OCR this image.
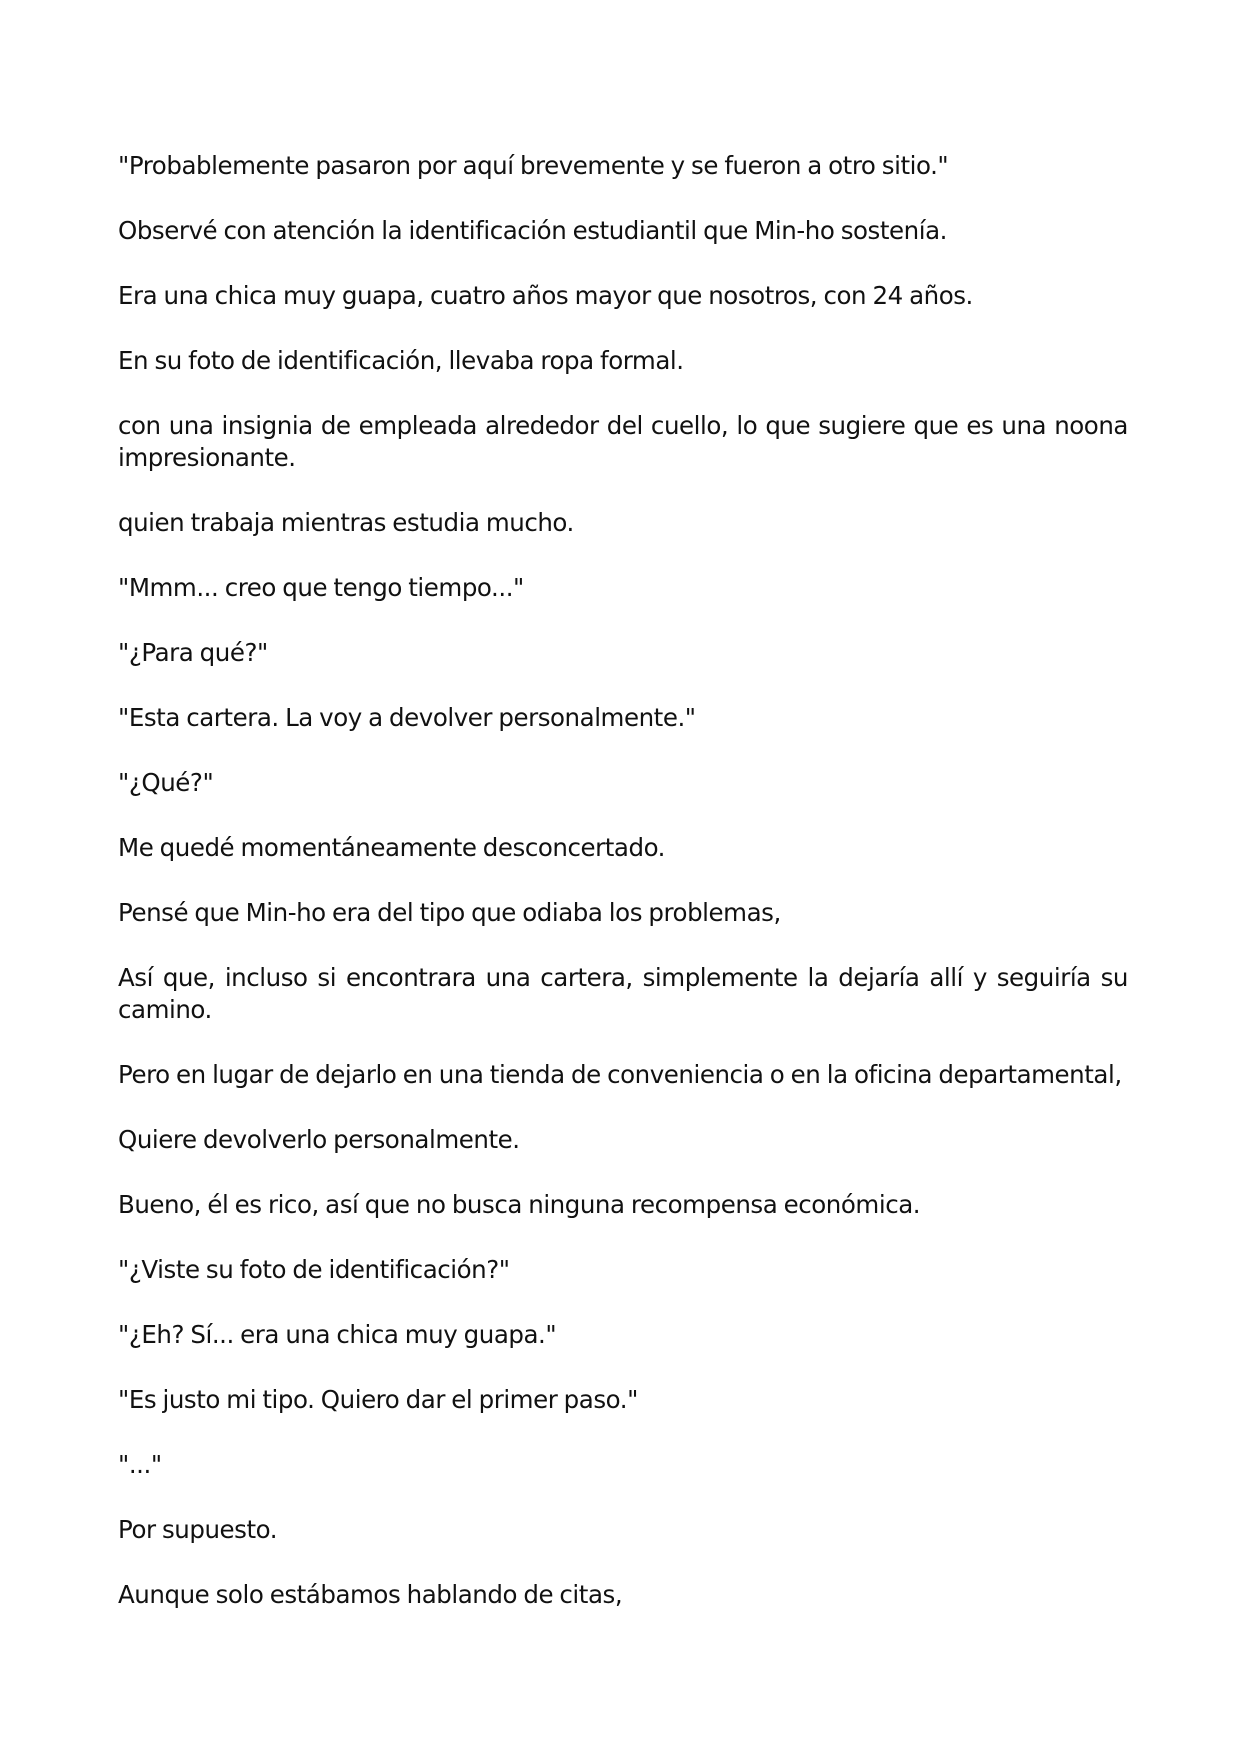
"Probablemente pasaron por aquí brevemente y se fueron a otro sitio."

Observé con atención la identificación estudiantil que Min-ho sostenía.

Era una chica muy guapa, cuatro años mayor que nosotros, con 24 años.

En su foto de identificación, llevaba ropa formal.

con una insignia de empleada alrededor del cuello, lo que sugiere que es una noona impresionante.

quien trabaja mientras estudia mucho.

"Mmm... creo que tengo tiempo..."

"¿Para qué?"

"Esta cartera. La voy a devolver personalmente."

"¿Qué?"

Me quedé momentáneamente desconcertado.

Pensé que Min-ho era del tipo que odiaba los problemas,

Así que, incluso si encontrara una cartera, simplemente la dejaría allí y seguiría su camino.

Pero en lugar de dejarlo en una tienda de conveniencia o en la oficina departamental,

Quiere devolverlo personalmente.

Bueno, él es rico, así que no busca ninguna recompensa económica.

"¿Viste su foto de identificación?"

"¿Eh? Sí... era una chica muy guapa."

"Es justo mi tipo. Quiero dar el primer paso."

"..."

Por supuesto.

Aunque solo estábamos hablando de citas,
